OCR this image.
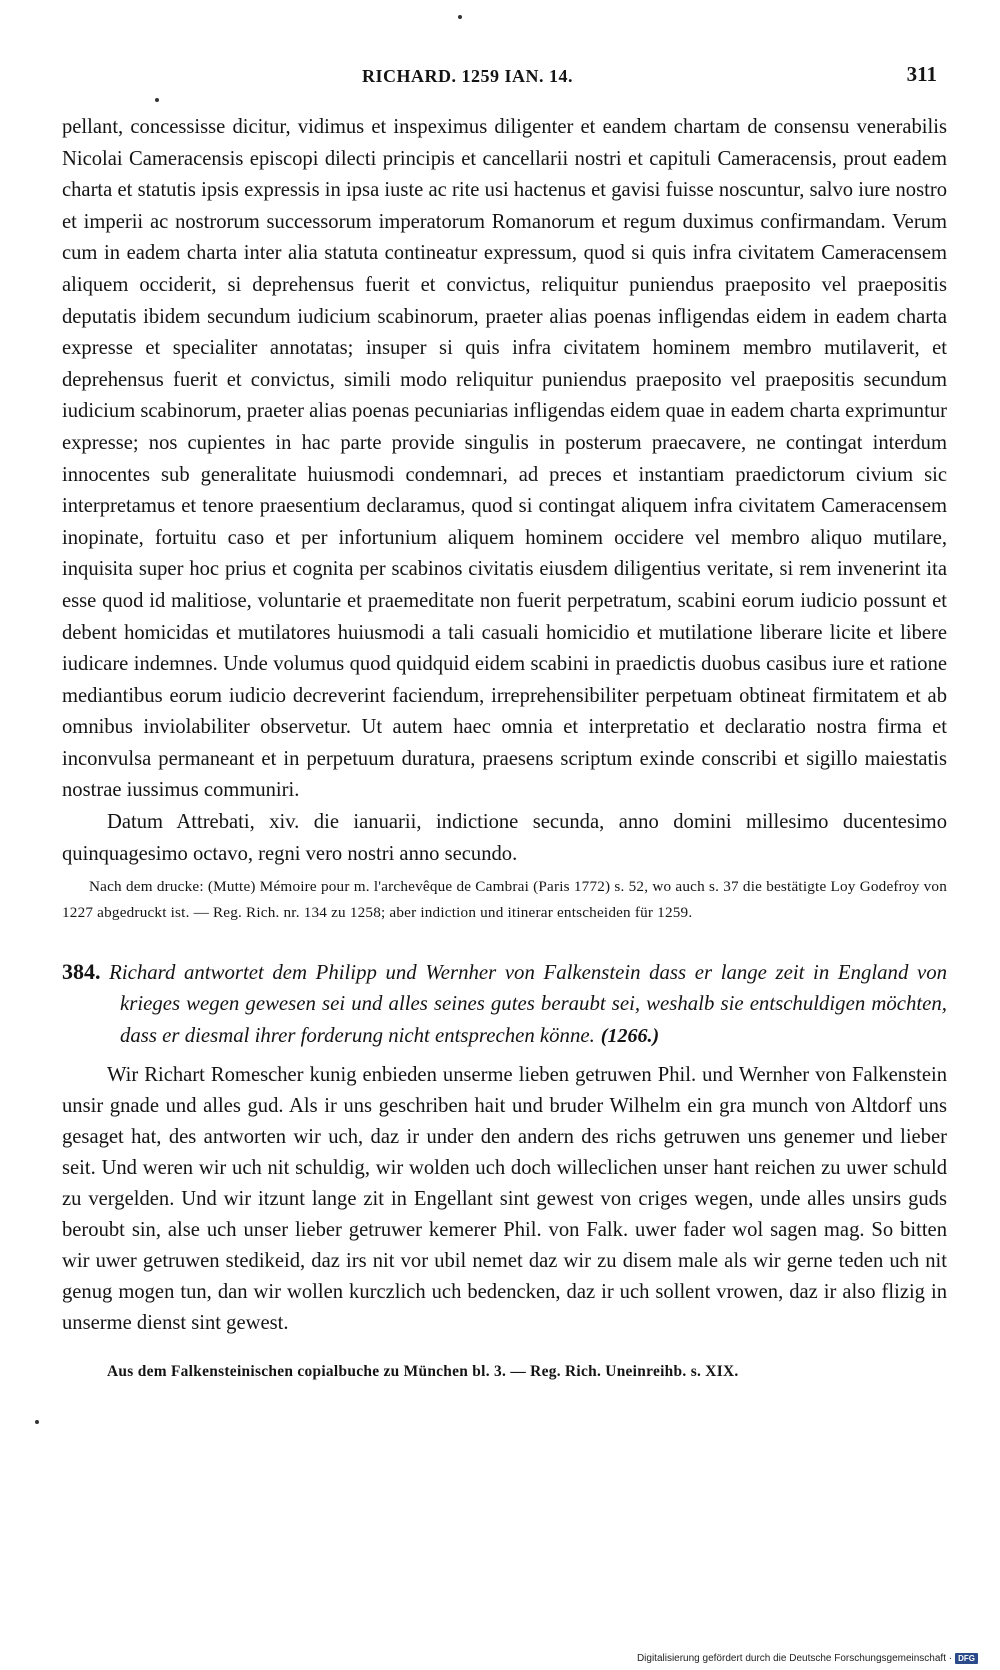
RICHARD. 1259 IAN. 14.	311

pellant, concessisse dicitur, vidimus et inspeximus diligenter et eandem chartam de consensu venerabilis Nicolai Cameracensis episcopi dilecti principis et cancellarii nostri et capituli Cameracensis, prout eadem charta et statutis ipsis expressis in ipsa iuste ac rite usi hactenus et gavisi fuisse noscuntur, salvo iure nostro et imperii ac nostrorum successorum imperatorum Romanorum et regum duximus confirmandam. Verum cum in eadem charta inter alia statuta contineatur expressum, quod si quis infra civitatem Cameracensem aliquem occiderit, si deprehensus fuerit et convictus, reliquitur puniendus praeposito vel praepositis deputatis ibidem secundum iudicium scabinorum, praeter alias poenas infligendas eidem in eadem charta expresse et specialiter annotatas; insuper si quis infra civitatem hominem membro mutilaverit, et deprehensus fuerit et convictus, simili modo reliquitur puniendus praeposito vel praepositis secundum iudicium scabinorum, praeter alias poenas pecuniarias infligendas eidem quae in eadem charta exprimuntur expresse; nos cupientes in hac parte provide singulis in posterum praecavere, ne contingat interdum innocentes sub generalitate huiusmodi condemnari, ad preces et instantiam praedictorum civium sic interpretamus et tenore praesentium declaramus, quod si contingat aliquem infra civitatem Cameracensem inopinate, fortuitu caso et per infortunium aliquem hominem occidere vel membro aliquo mutilare, inquisita super hoc prius et cognita per scabinos civitatis eiusdem diligentius veritate, si rem invenerint ita esse quod id malitiose, voluntarie et praemeditate non fuerit perpetratum, scabini eorum iudicio possunt et debent homicidas et mutilatores huiusmodi a tali casuali homicidio et mutilatione liberare licite et libere iudicare indemnes. Unde volumus quod quidquid eidem scabini in praedictis duobus casibus iure et ratione mediantibus eorum iudicio decreverint faciendum, irreprehensibiliter perpetuam obtineat firmitatem et ab omnibus inviolabiliter observetur. Ut autem haec omnia et interpretatio et declaratio nostra firma et inconvulsa permaneant et in perpetuum duratura, praesens scriptum exinde conscribi et sigillo maiestatis nostrae iussimus communiri.

Datum Attrebati, xiv. die ianuarii, indictione secunda, anno domini millesimo ducentesimo quinquagesimo octavo, regni vero nostri anno secundo.

Nach dem drucke: (Mutte) Mémoire pour m. l'archevêque de Cambrai (Paris 1772) s. 52, wo auch s. 37 die bestätigte Loy Godefroy von 1227 abgedruckt ist. — Reg. Rich. nr. 134 zu 1258; aber indiction und itinerar entscheiden für 1259.

384. Richard antwortet dem Philipp und Wernher von Falkenstein dass er lange zeit in England von krieges wegen gewesen sei und alles seines gutes beraubt sei, weshalb sie entschuldigen möchten, dass er diesmal ihrer forderung nicht entsprechen könne. (1266.)

Wir Richart Romescher kunig enbieden unserme lieben getruwen Phil. und Wernher von Falkenstein unsir gnade und alles gud. Als ir uns geschriben hait und bruder Wilhelm ein gra munch von Altdorf uns gesaget hat, des antworten wir uch, daz ir under den andern des richs getruwen uns genemer und lieber seit. Und weren wir uch nit schuldig, wir wolden uch doch willeclichen unser hant reichen zu uwer schuld zu vergelden. Und wir itzunt lange zit in Engellant sint gewest von criges wegen, unde alles unsirs guds beroubt sin, alse uch unser lieber getruwer kemerer Phil. von Falk. uwer fader wol sagen mag. So bitten wir uwer getruwen stedikeid, daz irs nit vor ubil nemet daz wir zu disem male als wir gerne teden uch nit genug mogen tun, dan wir wollen kurczlich uch bedencken, daz ir uch sollent vrowen, daz ir also flizig in unserme dienst sint gewest.

Aus dem Falkensteinischen copialbuche zu München bl. 3. — Reg. Rich. Uneinreihb. s. XIX.

Digitalisierung gefördert durch die Deutsche Forschungsgemeinschaft · DFG
